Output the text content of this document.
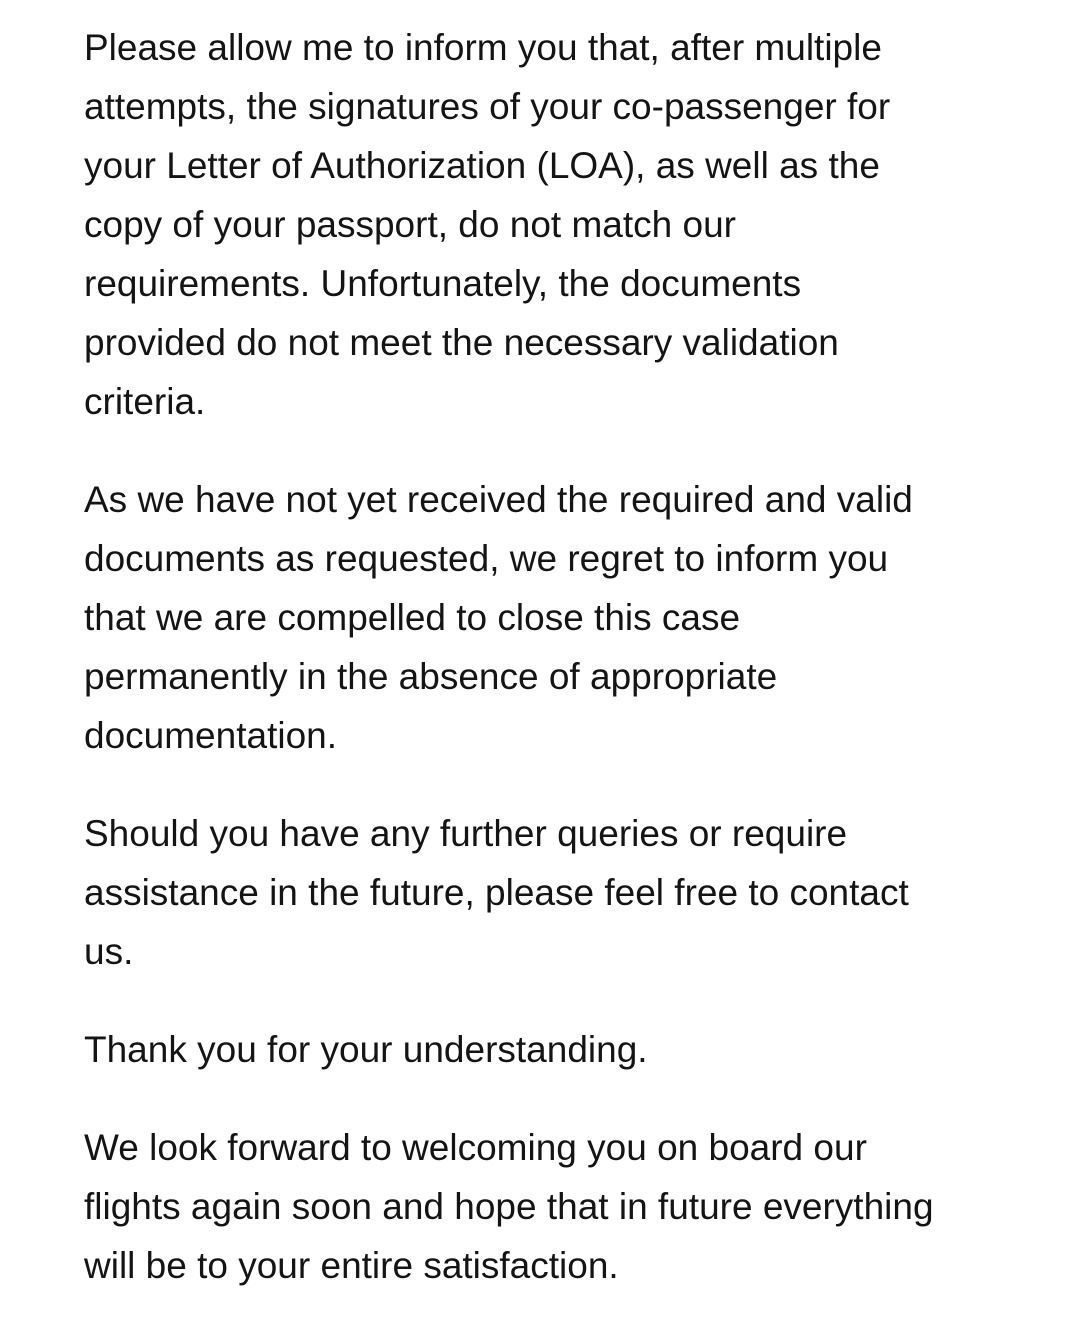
Please allow me to inform you that, after multiple
attempts, the signatures of your co-passenger for
your Letter of Authorization (LOA), as well as the
copy of your passport, do not match our
requirements. Unfortunately, the documents
provided do not meet the necessary validation
criteria.

As we have not yet received the required and valid
documents as requested, we regret to inform you
that we are compelled to close this case
permanently in the absence of appropriate
documentation.

Should you have any further queries or require
assistance in the future, please feel free to contact
us.

Thank you for your understanding.

We look forward to welcoming you on board our
flights again soon and hope that in future everything
will be to your entire satisfaction.
